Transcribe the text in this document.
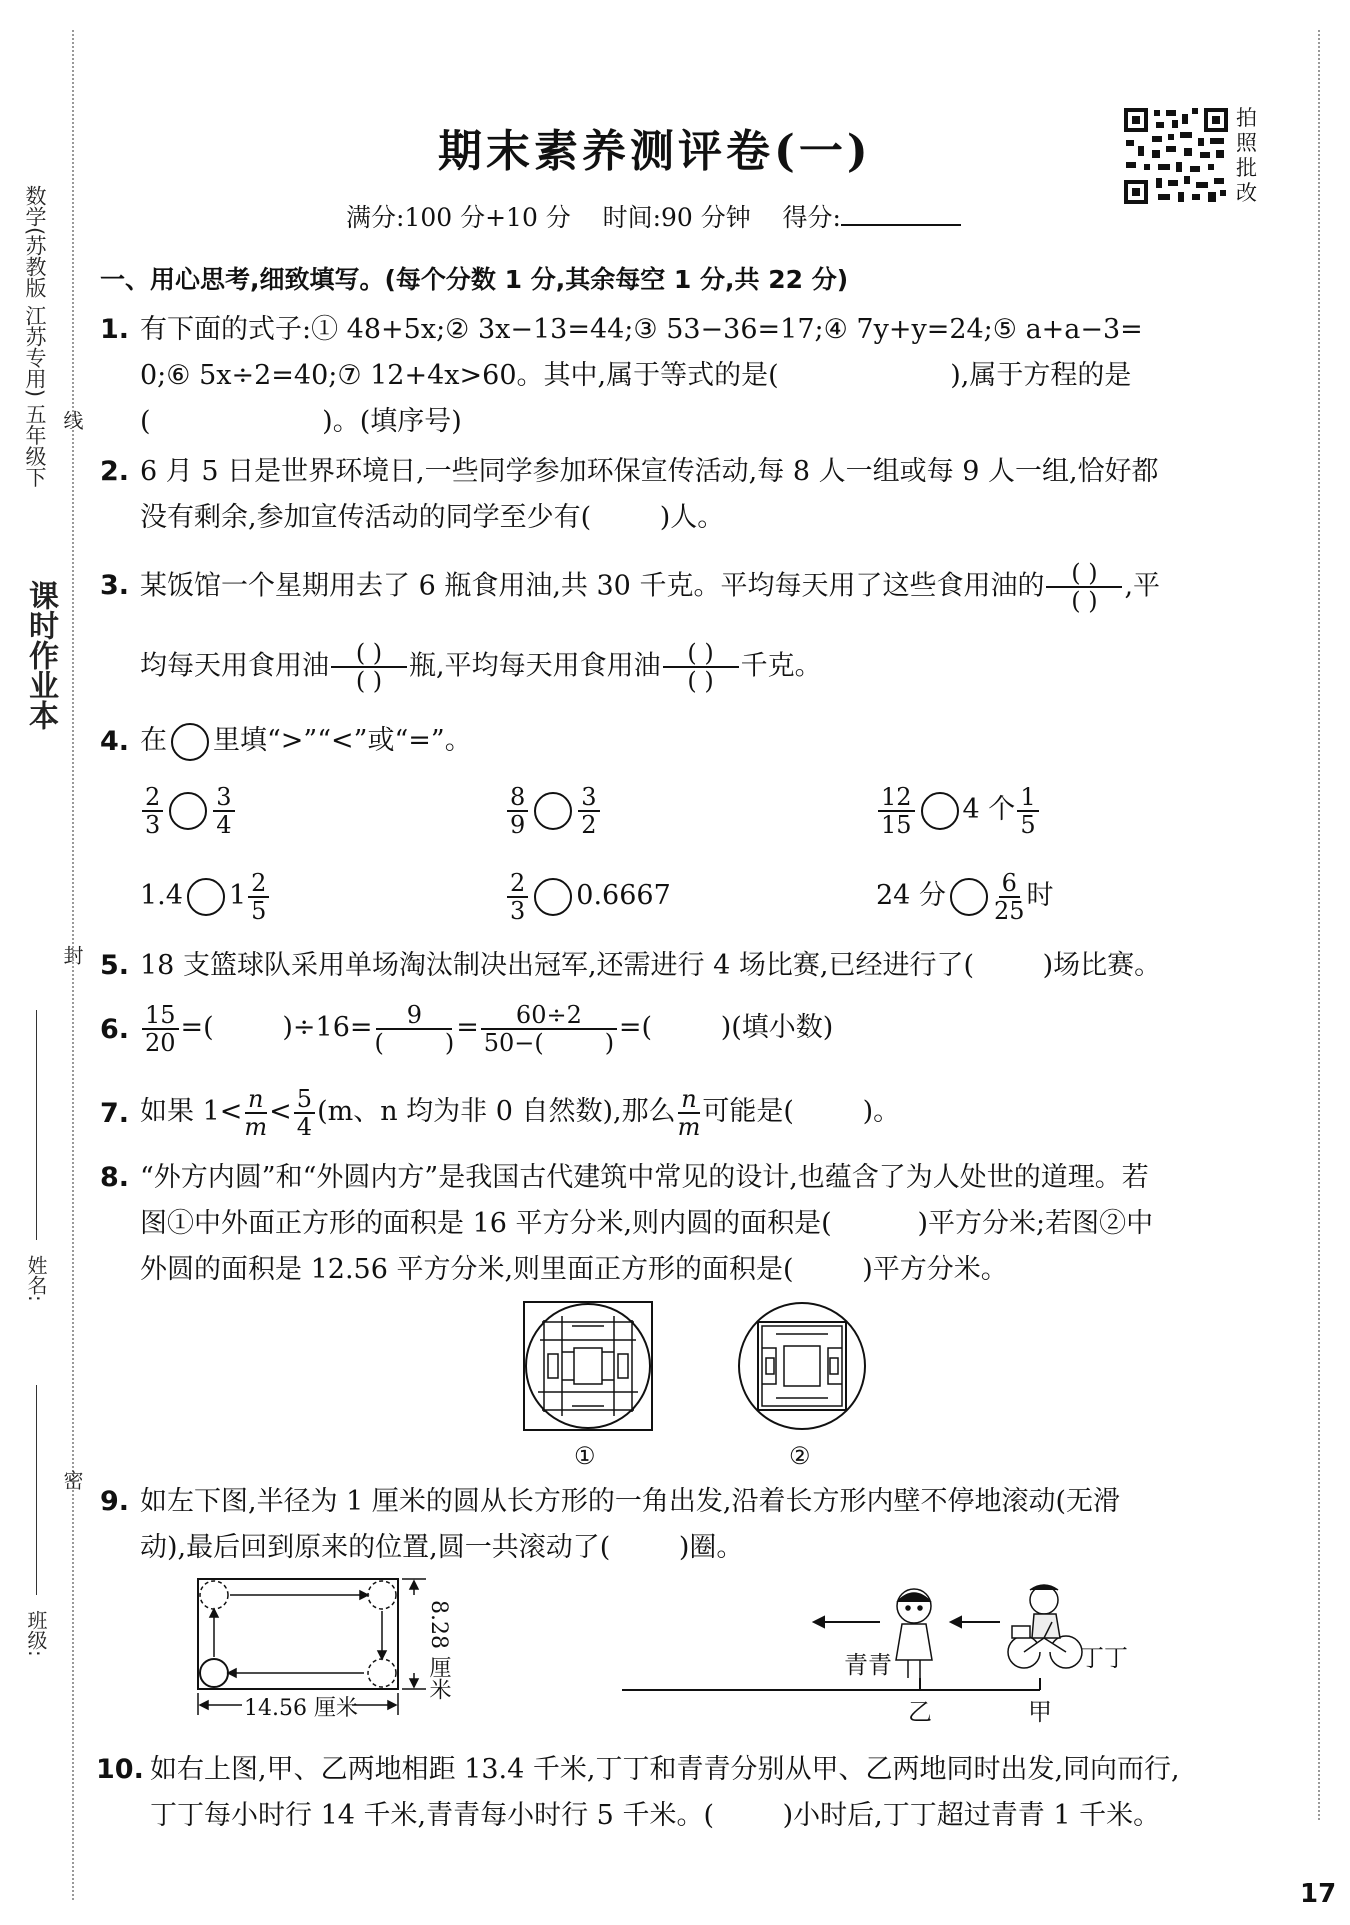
数学(苏教版 江苏专用) 五年级下
课时作业本
线
封
密
姓名:
班级:
期末素养测评卷(一)
满分:100 分+10 分    时间:90 分钟    得分:
拍
照
批
改
一、用心思考,细致填写。(每个分数 1 分,其余每空 1 分,共 22 分)
1. 有下面的式子:① 48+5x;② 3x−13=44;③ 53−36=17;④ 7y+y=24;⑤ a+a−3=
0;⑥ 5x÷2=40;⑦ 12+4x>60。其中,属于等式的是(                    ),属于方程的是
(                    )。(填序号)
2. 6 月 5 日是世界环境日,一些同学参加环保宣传活动,每 8 人一组或每 9 人一组,恰好都
没有剩余,参加宣传活动的同学至少有(        )人。
3. 某饭馆一个星期用去了 6 瓶食用油,共 30 千克。平均每天用了这些食用油的 $\frac{( )}{( )}$ ,平
均每天用食用油 $\frac{( )}{( )}$ 瓶,平均每天用食用油 $\frac{( )}{( )}$ 千克。
4. 在 里填“>”“<”或“=”。
$\frac{2}{3} \frac{3}{4}$	$\frac{8}{9} \frac{3}{2}$	$\frac{12}{15} 4$ 个 $\frac{1}{5}$
1.4 $1 \frac{2}{5}$	$\frac{2}{3} 0.6667$	24 分 $\frac{6}{25}$ 时
5. 18 支篮球队采用单场淘汰制决出冠军,还需进行 4 场比赛,已经进行了(        )场比赛。
6. $\frac{15}{20}$ =(        )$\div 16= \frac{9}{( )} = \frac{60\div 2}{50-( )}$ =(        )(填小数)
7. 如果 $1< \frac{n}{m} < \frac{5}{4} (m$、n 均为非 0 自然数),那么 $\frac{n}{m}$ 可能是(        )。
8. “外方内圆”和“外圆内方”是我国古代建筑中常见的设计,也蕴含了为人处世的道理。若
图①中外面正方形的面积是 16 平方分米,则内圆的面积是(          )平方分米;若图②中
外圆的面积是 12.56 平方分米,则里面正方形的面积是(        )平方分米。
①	②
9. 如左下图,半径为 1 厘米的圆从长方形的一角出发,沿着长方形内壁不停地滚动(无滑
动),最后回到原来的位置,圆一共滚动了(        )圈。
14.56 厘米
8.28 厘米	青青	丁丁
乙	甲
10. 如右上图,甲、乙两地相距 13.4 千米,丁丁和青青分别从甲、乙两地同时出发,同向而行,
丁丁每小时行 14 千米,青青每小时行 5 千米。(        )小时后,丁丁超过青青 1 千米。
17
